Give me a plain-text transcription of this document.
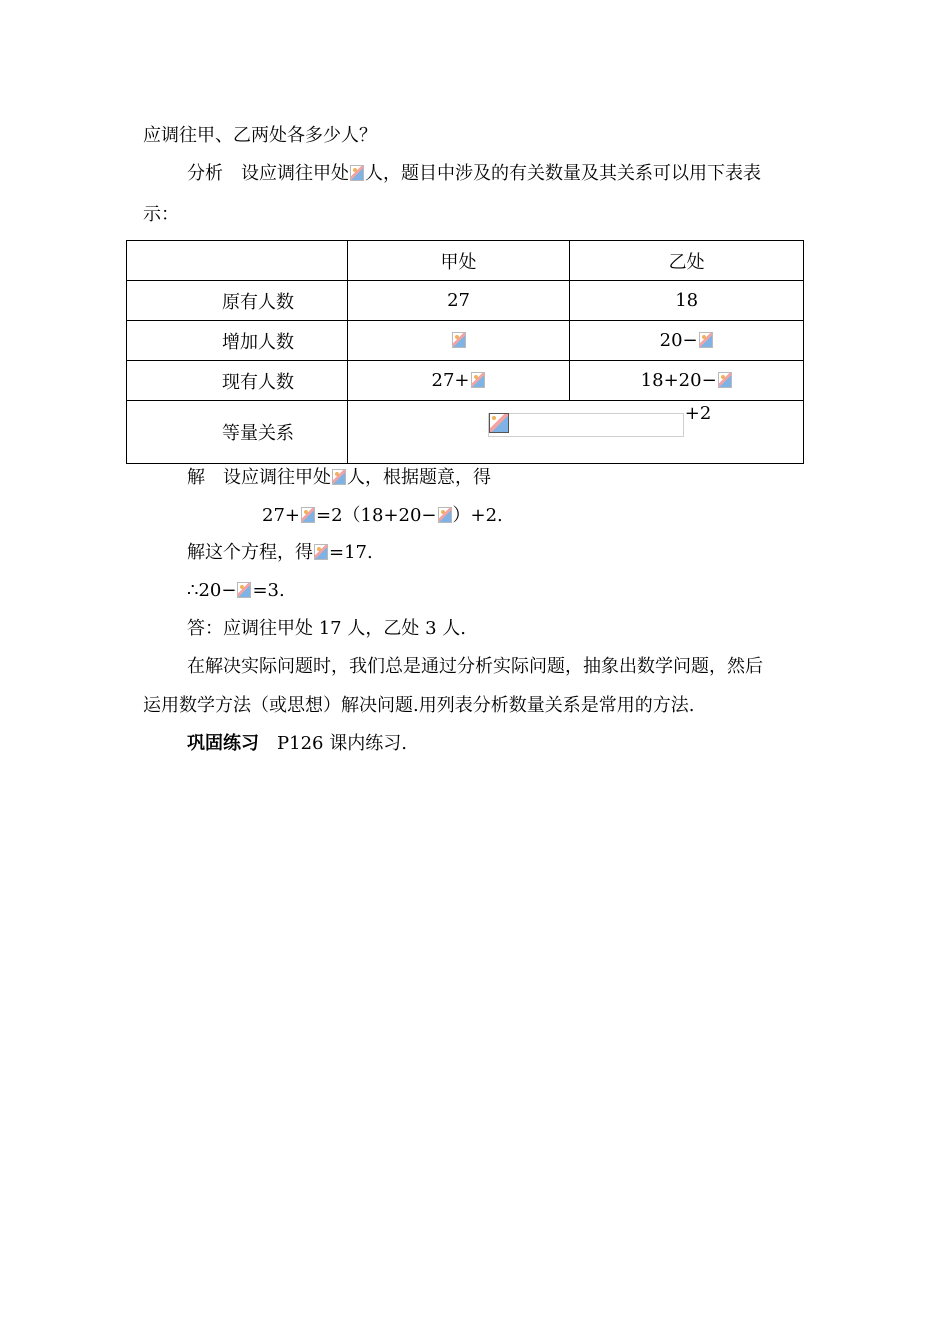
应调往甲、乙两处各多少人？
分析 设应调往甲处 人，题目中涉及的有关数量及其关系可以用下表表
示：
	甲处	乙处
原有人数	27	18
增加人数		20−
现有人数	27+	18+20−
等量关系	+2	
解 设应调往甲处 人，根据题意，得
27+ =2（18+20− ）+2.
解这个方程，得 =17.
∴20− =3.
答：应调往甲处 17 人，乙处 3 人.
在解决实际问题时，我们总是通过分析实际问题，抽象出数学问题，然后
运用数学方法（或思想）解决问题.用列表分析数量关系是常用的方法.
巩固练习 P126 课内练习.
